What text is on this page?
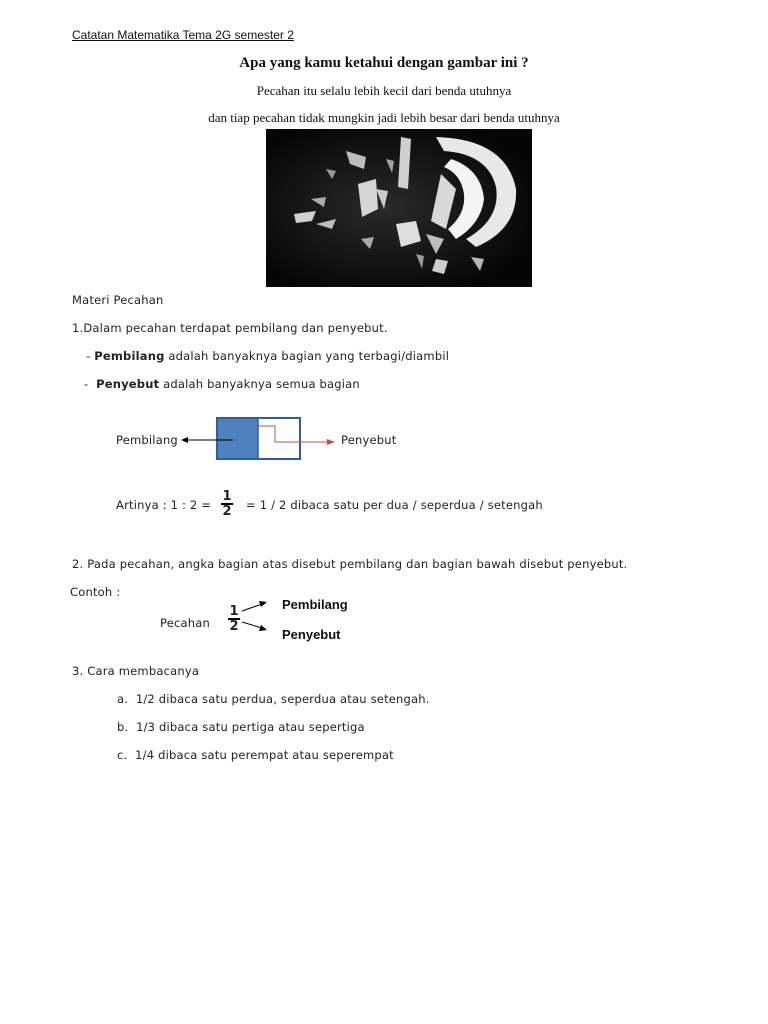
Catatan Matematika Tema 2G semester 2
Apa yang kamu ketahui dengan gambar ini ?
Pecahan itu selalu lebih kecil dari benda utuhnya
dan tiap pecahan tidak mungkin jadi lebih besar dari benda utuhnya
Materi Pecahan
1.Dalam pecahan terdapat pembilang dan penyebut.
- Pembilang adalah banyaknya bagian yang terbagi/diambil
-  Penyebut adalah banyaknya semua bagian
Pembilang	Penyebut
Artinya : 1 : 2 =
1
2 = 1 / 2 dibaca satu per dua / seperdua / setengah
2. Pada pecahan, angka bagian atas disebut pembilang dan bagian bawah disebut penyebut.
Contoh :
Pecahan
1
2
Pembilang
Penyebut
3. Cara membacanya
a. 1/2 dibaca satu perdua, seperdua atau setengah.
b. 1/3 dibaca satu pertiga atau sepertiga
c. 1/4 dibaca satu perempat atau seperempat
